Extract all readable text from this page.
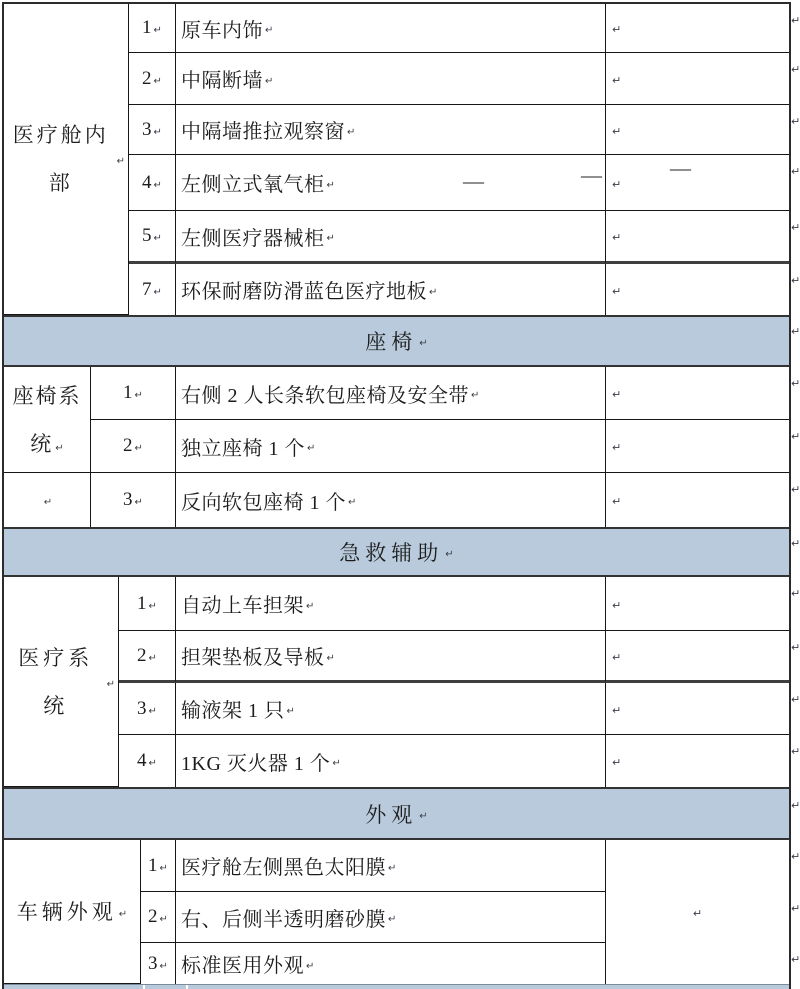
医疗舱内部
↵
1 ↵ 原车内饰 ↵	↵
2 ↵ 中隔断墙 ↵	↵
3 ↵ 中隔墙推拉观察窗 ↵	↵
4 ↵ 左侧立式氧气柜 ↵	↵
5 ↵ 左侧医疗器械柜 ↵	↵
7 ↵ 环保耐磨防滑蓝色医疗地板 ↵	↵
座椅 ↵
座椅系统 ↵
1 ↵ 右侧 2 人长条软包座椅及安全带 ↵	↵
2 ↵ 独立座椅 1 个 ↵	↵
↵	3 ↵ 反向软包座椅 1 个 ↵	↵
急救辅助 ↵
医疗系统
↵
1 ↵ 自动上车担架 ↵	↵
2 ↵ 担架垫板及导板 ↵	↵
3 ↵ 输液架 1 只 ↵	↵
4 ↵ 1KG 灭火器 1 个 ↵	↵
外观 ↵
车辆外观 ↵
1 ↵ 医疗舱左侧黑色太阳膜 ↵
2 ↵ 右、后侧半透明磨砂膜 ↵
3 ↵ 标准医用外观 ↵
↵
—	—	—
↵
↵
↵
↵
↵
↵
↵
↵
↵
↵
↵
↵
↵
↵
↵
↵
↵
↵
↵
